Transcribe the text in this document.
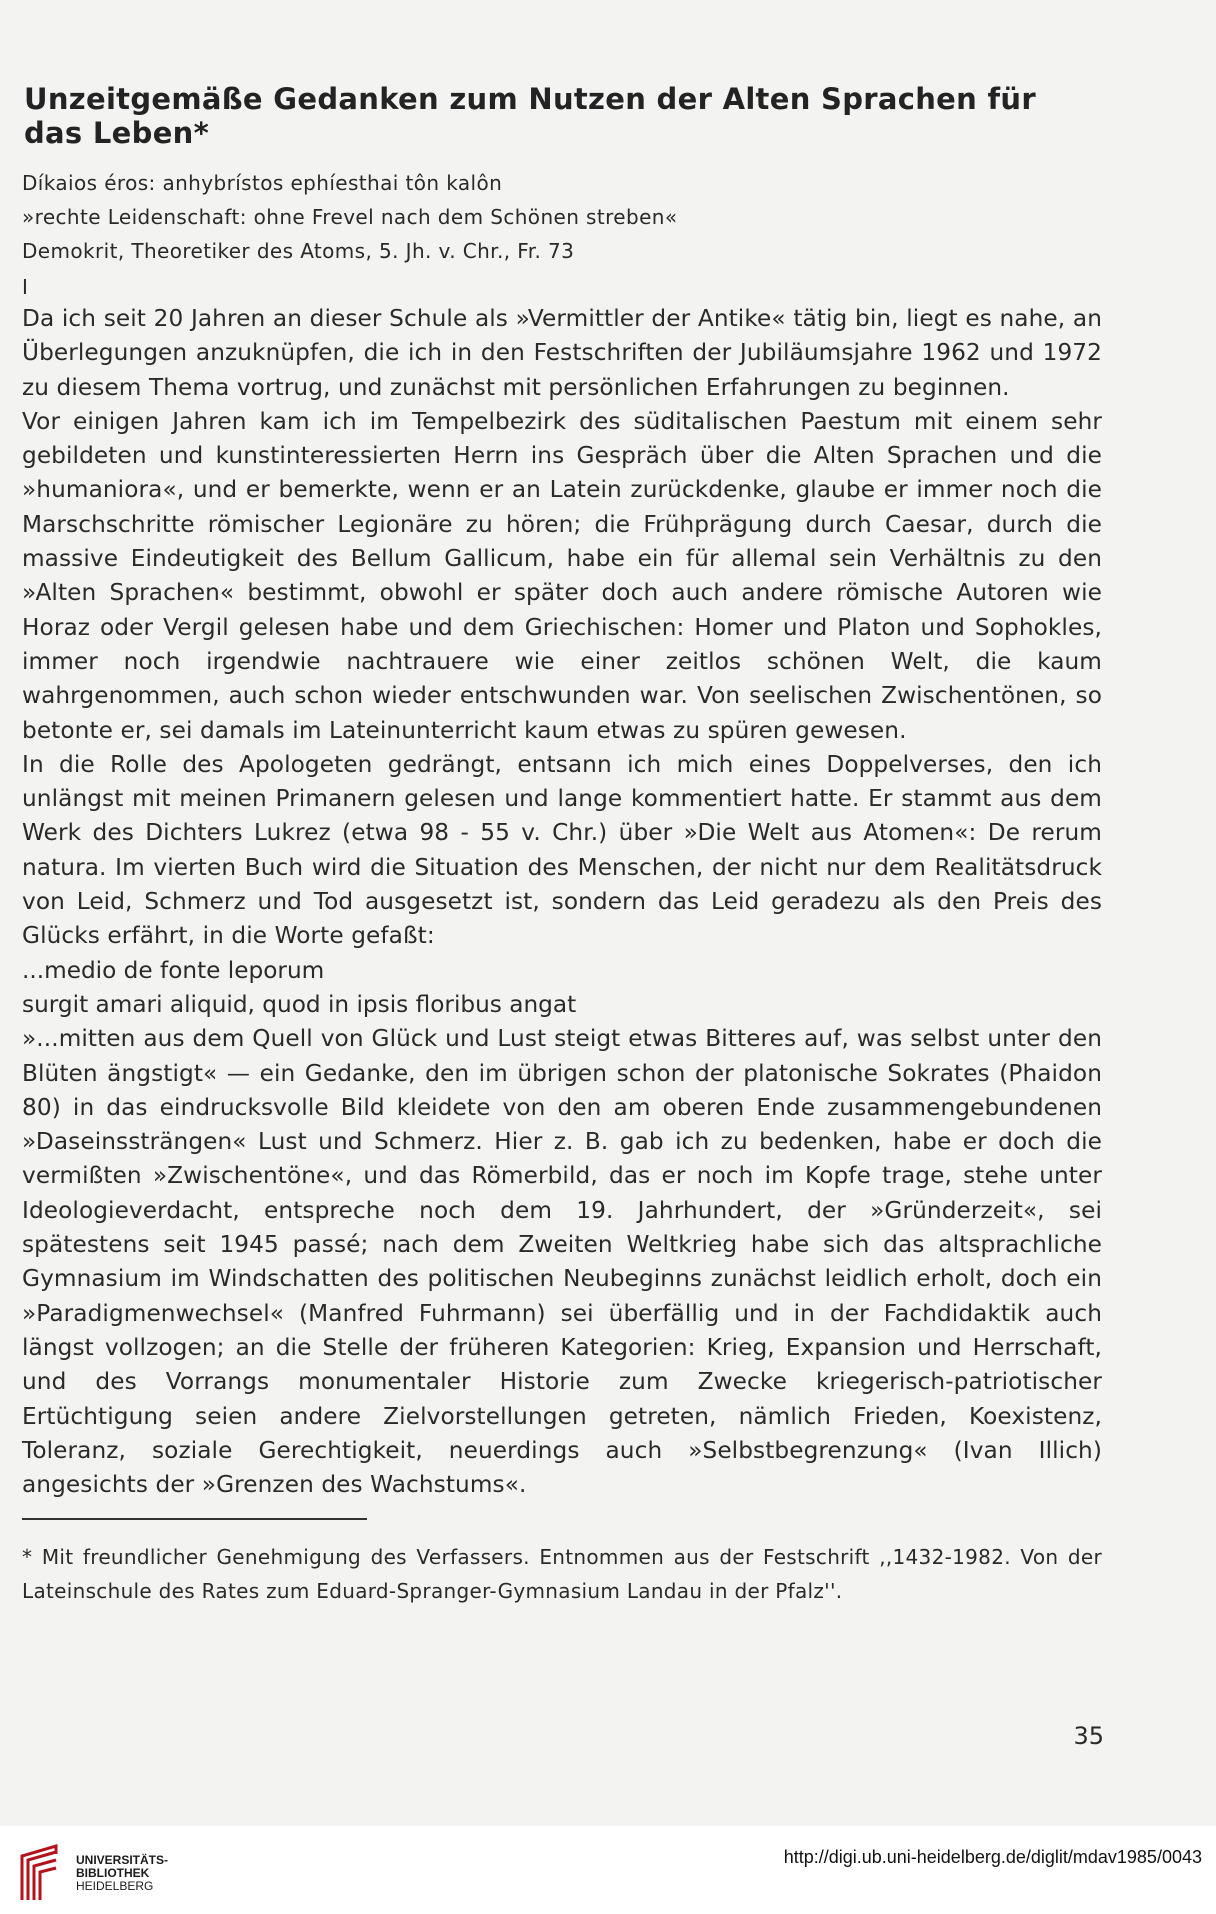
Unzeitgemäße Gedanken zum Nutzen der Alten Sprachen für das Leben*

Díkaios éros: anhybrístos ephíesthai tôn kalôn

»rechte Leidenschaft: ohne Frevel nach dem Schönen streben«

Demokrit, Theoretiker des Atoms, 5. Jh. v. Chr., Fr. 73

I

Da ich seit 20 Jahren an dieser Schule als »Vermittler der Antike« tätig bin, liegt es nahe, an Überlegungen anzuknüpfen, die ich in den Festschriften der Jubiläumsjahre 1962 und 1972 zu diesem Thema vortrug, und zunächst mit persönlichen Erfahrungen zu beginnen.

Vor einigen Jahren kam ich im Tempelbezirk des süditalischen Paestum mit einem sehr gebildeten und kunstinteressierten Herrn ins Gespräch über die Alten Sprachen und die »humaniora«, und er bemerkte, wenn er an Latein zurückdenke, glaube er immer noch die Marschschritte römischer Legionäre zu hören; die Frühprägung durch Caesar, durch die massive Eindeutigkeit des Bellum Gallicum, habe ein für allemal sein Verhältnis zu den »Alten Sprachen« bestimmt, obwohl er später doch auch andere römische Autoren wie Horaz oder Vergil gelesen habe und dem Griechischen: Homer und Platon und Sophokles, immer noch irgendwie nachtrauere wie einer zeitlos schönen Welt, die kaum wahrgenommen, auch schon wieder entschwunden war. Von seelischen Zwischentönen, so betonte er, sei damals im Lateinunterricht kaum etwas zu spüren gewesen.

In die Rolle des Apologeten gedrängt, entsann ich mich eines Doppelverses, den ich unlängst mit meinen Primanern gelesen und lange kommentiert hatte. Er stammt aus dem Werk des Dichters Lukrez (etwa 98 - 55 v. Chr.) über »Die Welt aus Atomen«: De rerum natura. Im vierten Buch wird die Situation des Menschen, der nicht nur dem Realitätsdruck von Leid, Schmerz und Tod ausgesetzt ist, sondern das Leid geradezu als den Preis des Glücks erfährt, in die Worte gefaßt:

...medio de fonte leporum

surgit amari aliquid, quod in ipsis floribus angat

»...mitten aus dem Quell von Glück und Lust steigt etwas Bitteres auf, was selbst unter den Blüten ängstigt« — ein Gedanke, den im übrigen schon der platonische Sokrates (Phaidon 80) in das eindrucksvolle Bild kleidete von den am oberen Ende zusammengebundenen »Daseinssträngen« Lust und Schmerz. Hier z. B. gab ich zu bedenken, habe er doch die vermißten »Zwischentöne«, und das Römerbild, das er noch im Kopfe trage, stehe unter Ideologieverdacht, entspreche noch dem 19. Jahrhundert, der »Gründerzeit«, sei spätestens seit 1945 passé; nach dem Zweiten Weltkrieg habe sich das altsprachliche Gymnasium im Windschatten des politischen Neubeginns zunächst leidlich erholt, doch ein »Paradigmenwechsel« (Manfred Fuhrmann) sei überfällig und in der Fachdidaktik auch längst vollzogen; an die Stelle der früheren Kategorien: Krieg, Expansion und Herrschaft, und des Vorrangs monumentaler Historie zum Zwecke kriegerisch-patriotischer Ertüchtigung seien andere Zielvorstellungen getreten, nämlich Frieden, Koexistenz, Toleranz, soziale Gerechtigkeit, neuerdings auch »Selbstbegrenzung« (Ivan Illich) angesichts der »Grenzen des Wachstums«.

* Mit freundlicher Genehmigung des Verfassers. Entnommen aus der Festschrift ,,1432-1982. Von der Lateinschule des Rates zum Eduard-Spranger-Gymnasium Landau in der Pfalz''.

35
UNIVERSITÄTS-
BIBLIOTHEK
HEIDELBERG
http://digi.ub.uni-heidelberg.de/diglit/mdav1985/0043
